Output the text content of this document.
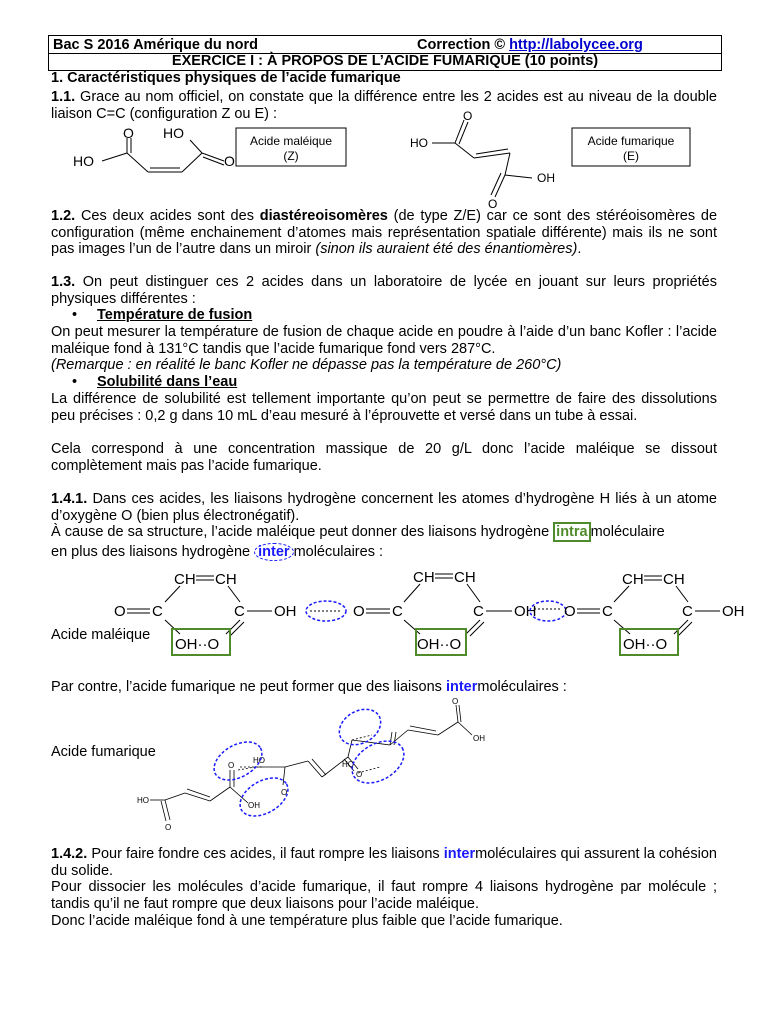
Bac S 2016 Amérique du nord	Correction © http://labolycee.org
EXERCICE I : À PROPOS DE L’ACIDE FUMARIQUE (10 points)
1. Caractéristiques physiques de l’acide fumarique
1.1. Grace au nom officiel, on constate que la différence entre les 2 acides est au niveau de la double liaison C=C (configuration Z ou E) :
HO
O HO
O
Acide maléique
(Z)
HO
O
OH
O
Acide fumarique
(E)
1.2. Ces deux acides sont des diastéreoisomères (de type Z/E) car ce sont des stéréoisomères de configuration (même enchainement d’atomes mais représentation spatiale différente) mais ils ne sont pas images l’un de l’autre dans un miroir (sinon ils auraient été des énantiomères).
1.3. On peut distinguer ces 2 acides dans un laboratoire de lycée en jouant sur leurs propriétés physiques différentes :
• Température de fusion
On peut mesurer la température de fusion de chaque acide en poudre à l’aide d’un banc Kofler : l’acide maléique fond à 131°C tandis que l’acide fumarique fond vers 287°C.
(Remarque : en réalité le banc Kofler ne dépasse pas la température de 260°C)
• Solubilité dans l’eau
La différence de solubilité est tellement importante qu’on peut se permettre de faire des dissolutions peu précises : 0,2 g dans 10 mL d’eau mesuré à l’éprouvette et versé dans un tube à essai.
Cela correspond à une concentration massique de 20 g/L donc l’acide maléique se dissout complètement mais pas l’acide fumarique.
1.4.1. Dans ces acides, les liaisons hydrogène concernent les atomes d’hydrogène H liés à un atome d’oxygène O (bien plus électronégatif).
À cause de sa structure, l’acide maléique peut donner des liaisons hydrogène intra moléculaire
en plus des liaisons hydrogène inter moléculaires :
CH CH
O C	C OH
OH··O
CH CH
O C	C OH
OH··O
CH CH
O C	C OH
OH··O
Acide maléique
Par contre, l’acide fumarique ne peut former que des liaisons intermoléculaires :
O
OH
HO
HO
O
O
HO
O
O
OH
Acide fumarique
1.4.2. Pour faire fondre ces acides, il faut rompre les liaisons intermoléculaires qui assurent la cohésion du solide.
Pour dissocier les molécules d’acide fumarique, il faut rompre 4 liaisons hydrogène par molécule ; tandis qu’il ne faut rompre que deux liaisons pour l’acide maléique.
Donc l’acide maléique fond à une température plus faible que l’acide fumarique.
